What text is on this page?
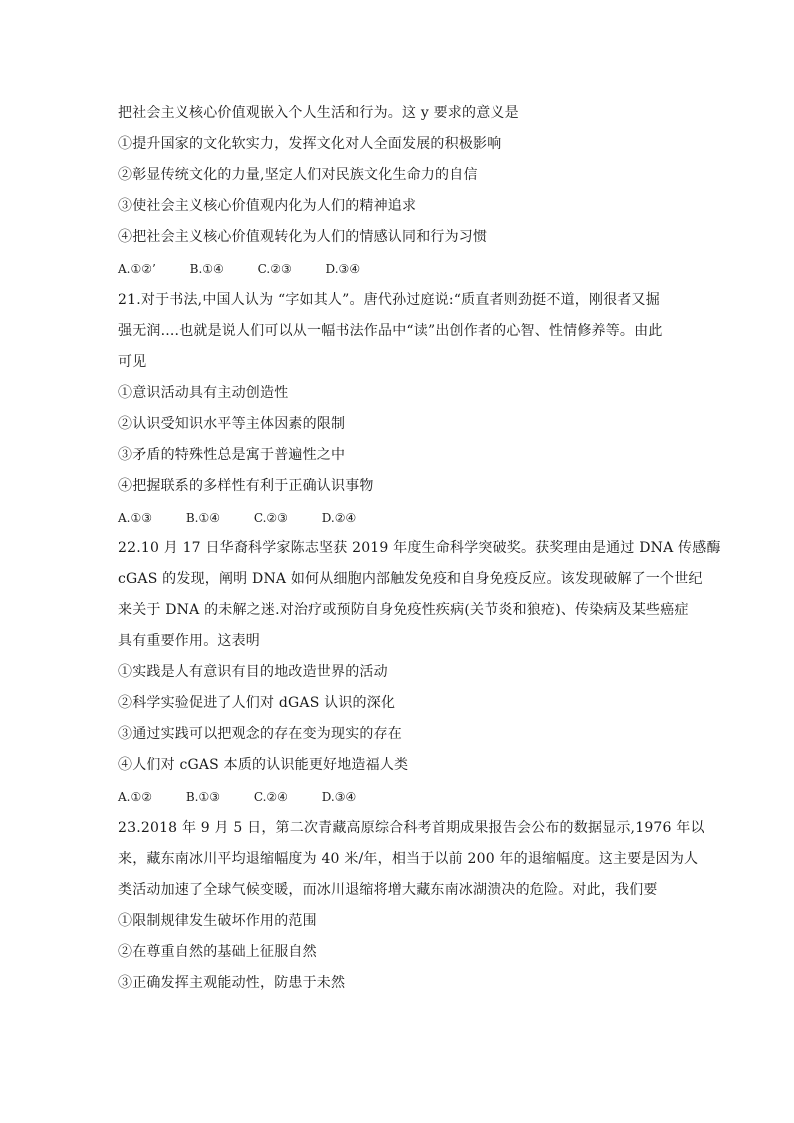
把社会主义核心价值观嵌入个人生活和行为。这 y 要求的意义是
①提升国家的文化软实力，发挥文化对人全面发展的积极影响
②彰显传统文化的力量,坚定人们对民族文化生命力的自信
③使社会主义核心价值观内化为人们的精神追求
④把社会主义核心价值观转化为人们的情感认同和行为习惯
A.①②’	B.①④	C.②③	D.③④
21.对于书法,中国人认为 “字如其人”。唐代孙过庭说:“质直者则劲挺不道，刚很者又掘
强无润....也就是说人们可以从一幅书法作品中“读”出创作者的心智、性情修养等。由此
可见
①意识活动具有主动创造性
②认识受知识水平等主体因素的限制
③矛盾的特殊性总是寓于普遍性之中
④把握联系的多样性有利于正确认识事物
A.①③	B.①④	C.②③	D.②④
22.10 月 17 日华裔科学家陈志坚获 2019 年度生命科学突破奖。获奖理由是通过 DNA 传感酶
cGAS 的发现，阐明 DNA 如何从细胞内部触发免疫和自身免疫反应。该发现破解了一个世纪
来关于 DNA 的未解之迷.对治疗或预防自身免疫性疾病(关节炎和狼疮)、传染病及某些癌症
具有重要作用。这表明
①实践是人有意识有目的地改造世界的活动
②科学实验促进了人们对 dGAS 认识的深化
③通过实践可以把观念的存在变为现实的存在
④人们对 cGAS 本质的认识能更好地造福人类
A.①②	B.①③	C.②④	D.③④
23.2018 年 9 月 5 日，第二次青藏高原综合科考首期成果报告会公布的数据显示,1976 年以
来，藏东南冰川平均退缩幅度为 40 米/年，相当于以前 200 年的退缩幅度。这主要是因为人
类活动加速了全球气候变暖，而冰川退缩将增大藏东南冰湖溃决的危险。对此，我们要
①限制规律发生破坏作用的范围
②在尊重自然的基础上征服自然
③正确发挥主观能动性，防患于未然
